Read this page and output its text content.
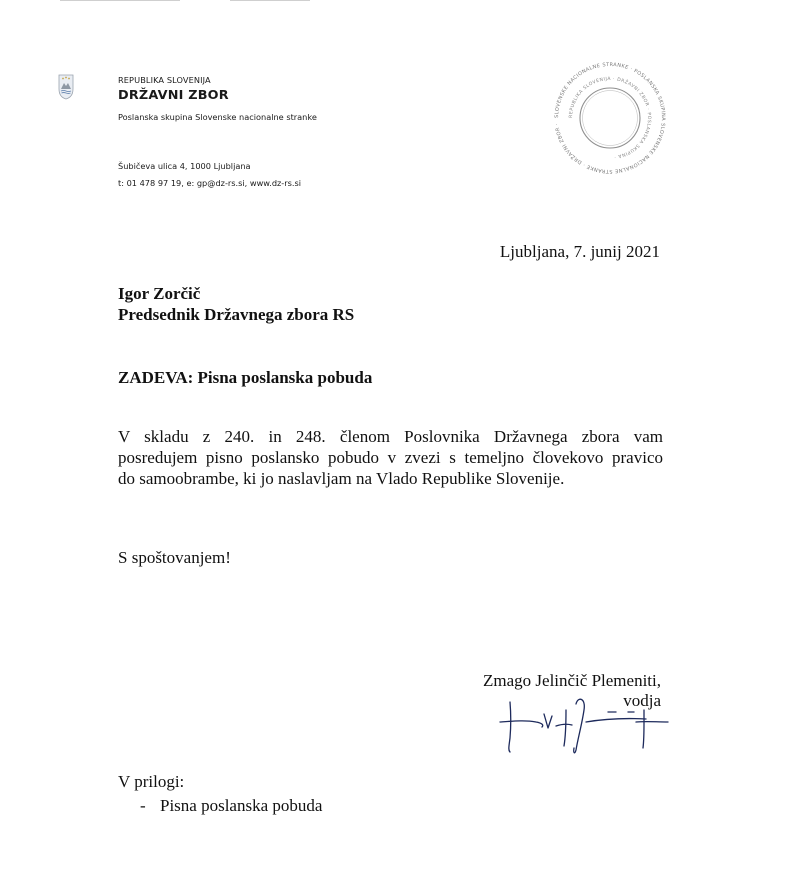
REPUBLIKA SLOVENIJA
DRŽAVNI ZBOR
Poslanska skupina Slovenske nacionalne stranke
Šubičeva ulica 4, 1000 Ljubljana
t: 01 478 97 19, e: gp@dz-rs.si, www.dz-rs.si
SLOVENSKE NACIONALNE STRANKE · POSLANSKA SKUPINA SLOVENSKE NACIONALNE STRANKE · DRŽAVNI ZBOR ·
REPUBLIKA SLOVENIJA · DRŽAVNI ZBOR · POSLANSKA SKUPINA ·
Ljubljana, 7. junij 2021
Igor Zorčič
Predsednik Državnega zbora RS
ZADEVA: Pisna poslanska pobuda
V skladu z 240. in 248. členom Poslovnika Državnega zbora vam
posredujem pisno poslansko pobudo v zvezi s temeljno človekovo pravico
do samoobrambe, ki jo naslavljam na Vlado Republike Slovenije.
S spoštovanjem!
Zmago Jelinčič Plemeniti,
vodja
V prilogi:
- Pisna poslanska pobuda
